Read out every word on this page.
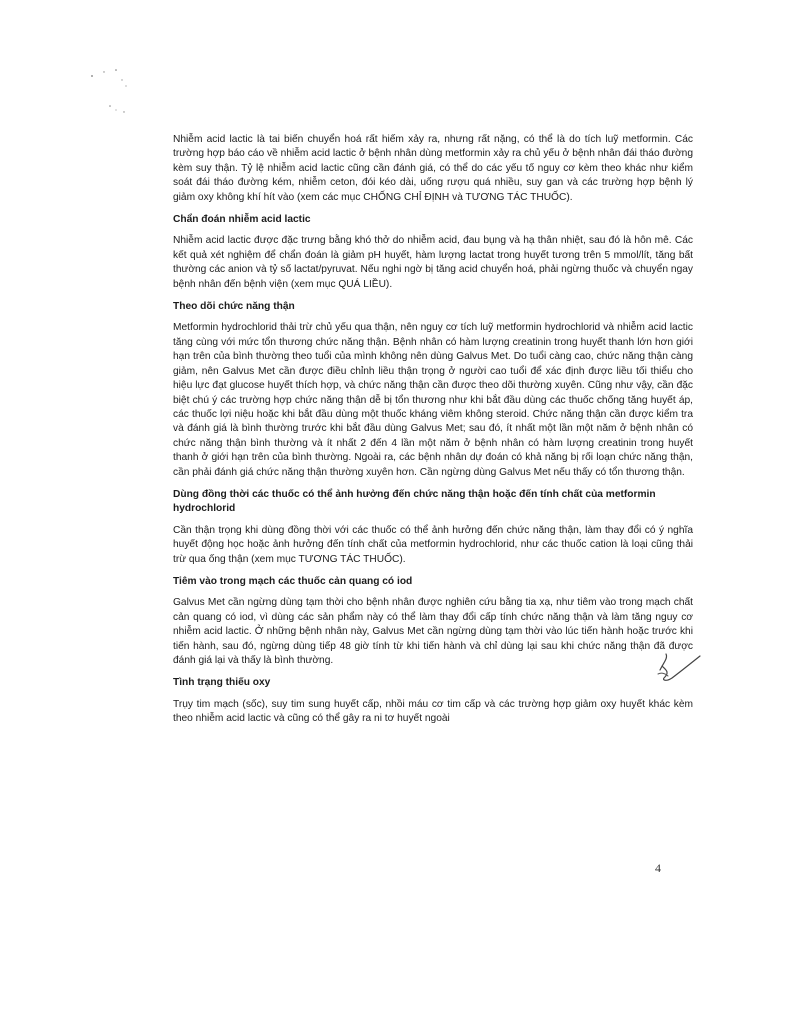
Nhiễm acid lactic là tai biến chuyển hoá rất hiếm xảy ra, nhưng rất nặng, có thể là do tích luỹ metformin. Các trường hợp báo cáo về nhiễm acid lactic ở bệnh nhân dùng metformin xảy ra chủ yếu ở bệnh nhân đái tháo đường kèm suy thận. Tỷ lệ nhiễm acid lactic cũng cần đánh giá, có thể do các yếu tố nguy cơ kèm theo khác như kiểm soát đái tháo đường kém, nhiễm ceton, đói kéo dài, uống rượu quá nhiều, suy gan và các trường hợp bệnh lý giảm oxy không khí hít vào (xem các mục CHỐNG CHỈ ĐỊNH và TƯƠNG TÁC THUỐC).

Chẩn đoán nhiễm acid lactic

Nhiễm acid lactic được đặc trưng bằng khó thở do nhiễm acid, đau bụng và hạ thân nhiệt, sau đó là hôn mê. Các kết quả xét nghiệm để chẩn đoán là giảm pH huyết, hàm lượng lactat trong huyết tương trên 5 mmol/lít, tăng bất thường các anion và tỷ số lactat/pyruvat. Nếu nghi ngờ bị tăng acid chuyển hoá, phải ngừng thuốc và chuyển ngay bệnh nhân đến bệnh viện (xem mục QUÁ LIỀU).

Theo dõi chức năng thận

Metformin hydrochlorid thải trừ chủ yếu qua thận, nên nguy cơ tích luỹ metformin hydrochlorid và nhiễm acid lactic tăng cùng với mức tổn thương chức năng thận. Bệnh nhân có hàm lượng creatinin trong huyết thanh lớn hơn giới hạn trên của bình thường theo tuổi của mình không nên dùng Galvus Met. Do tuổi càng cao, chức năng thận càng giảm, nên Galvus Met cần được điều chỉnh liều thận trọng ở người cao tuổi để xác định được liều tối thiểu cho hiệu lực đạt glucose huyết thích hợp, và chức năng thận cần được theo dõi thường xuyên. Cũng như vậy, cần đặc biệt chú ý các trường hợp chức năng thận dễ bị tổn thương như khi bắt đầu dùng các thuốc chống tăng huyết áp, các thuốc lợi niệu hoặc khi bắt đầu dùng một thuốc kháng viêm không steroid. Chức năng thận cần được kiểm tra và đánh giá là bình thường trước khi bắt đầu dùng Galvus Met; sau đó, ít nhất một lần một năm ở bệnh nhân có chức năng thận bình thường và ít nhất 2 đến 4 lần một năm ở bệnh nhân có hàm lượng creatinin trong huyết thanh ở giới hạn trên của bình thường. Ngoài ra, các bệnh nhân dự đoán có khả năng bị rối loạn chức năng thận, cần phải đánh giá chức năng thận thường xuyên hơn. Cần ngừng dùng Galvus Met nếu thấy có tổn thương thận.

Dùng đồng thời các thuốc có thể ảnh hưởng đến chức năng thận hoặc đến tính chất của metformin hydrochlorid

Cần thận trọng khi dùng đồng thời với các thuốc có thể ảnh hưởng đến chức năng thận, làm thay đổi có ý nghĩa huyết động học hoặc ảnh hưởng đến tính chất của metformin hydrochlorid, như các thuốc cation là loại cũng thải trừ qua ống thận (xem mục TƯƠNG TÁC THUỐC).

Tiêm vào trong mạch các thuốc cản quang có iod

Galvus Met cần ngừng dùng tạm thời cho bệnh nhân được nghiên cứu bằng tia xạ, như tiêm vào trong mạch chất cản quang có iod, vì dùng các sản phẩm này có thể làm thay đổi cấp tính chức năng thận và làm tăng nguy cơ nhiễm acid lactic. Ở những bệnh nhân này, Galvus Met cần ngừng dùng tạm thời vào lúc tiến hành hoặc trước khi tiến hành, sau đó, ngừng dùng tiếp 48 giờ tính từ khi tiến hành và chỉ dùng lại sau khi chức năng thận đã được đánh giá lại và thấy là bình thường.

Tình trạng thiếu oxy

Trụy tim mạch (sốc), suy tim sung huyết cấp, nhồi máu cơ tim cấp và các trường hợp giảm oxy huyết khác kèm theo nhiễm acid lactic và cũng có thể gây ra ni tơ huyết ngoài

4
